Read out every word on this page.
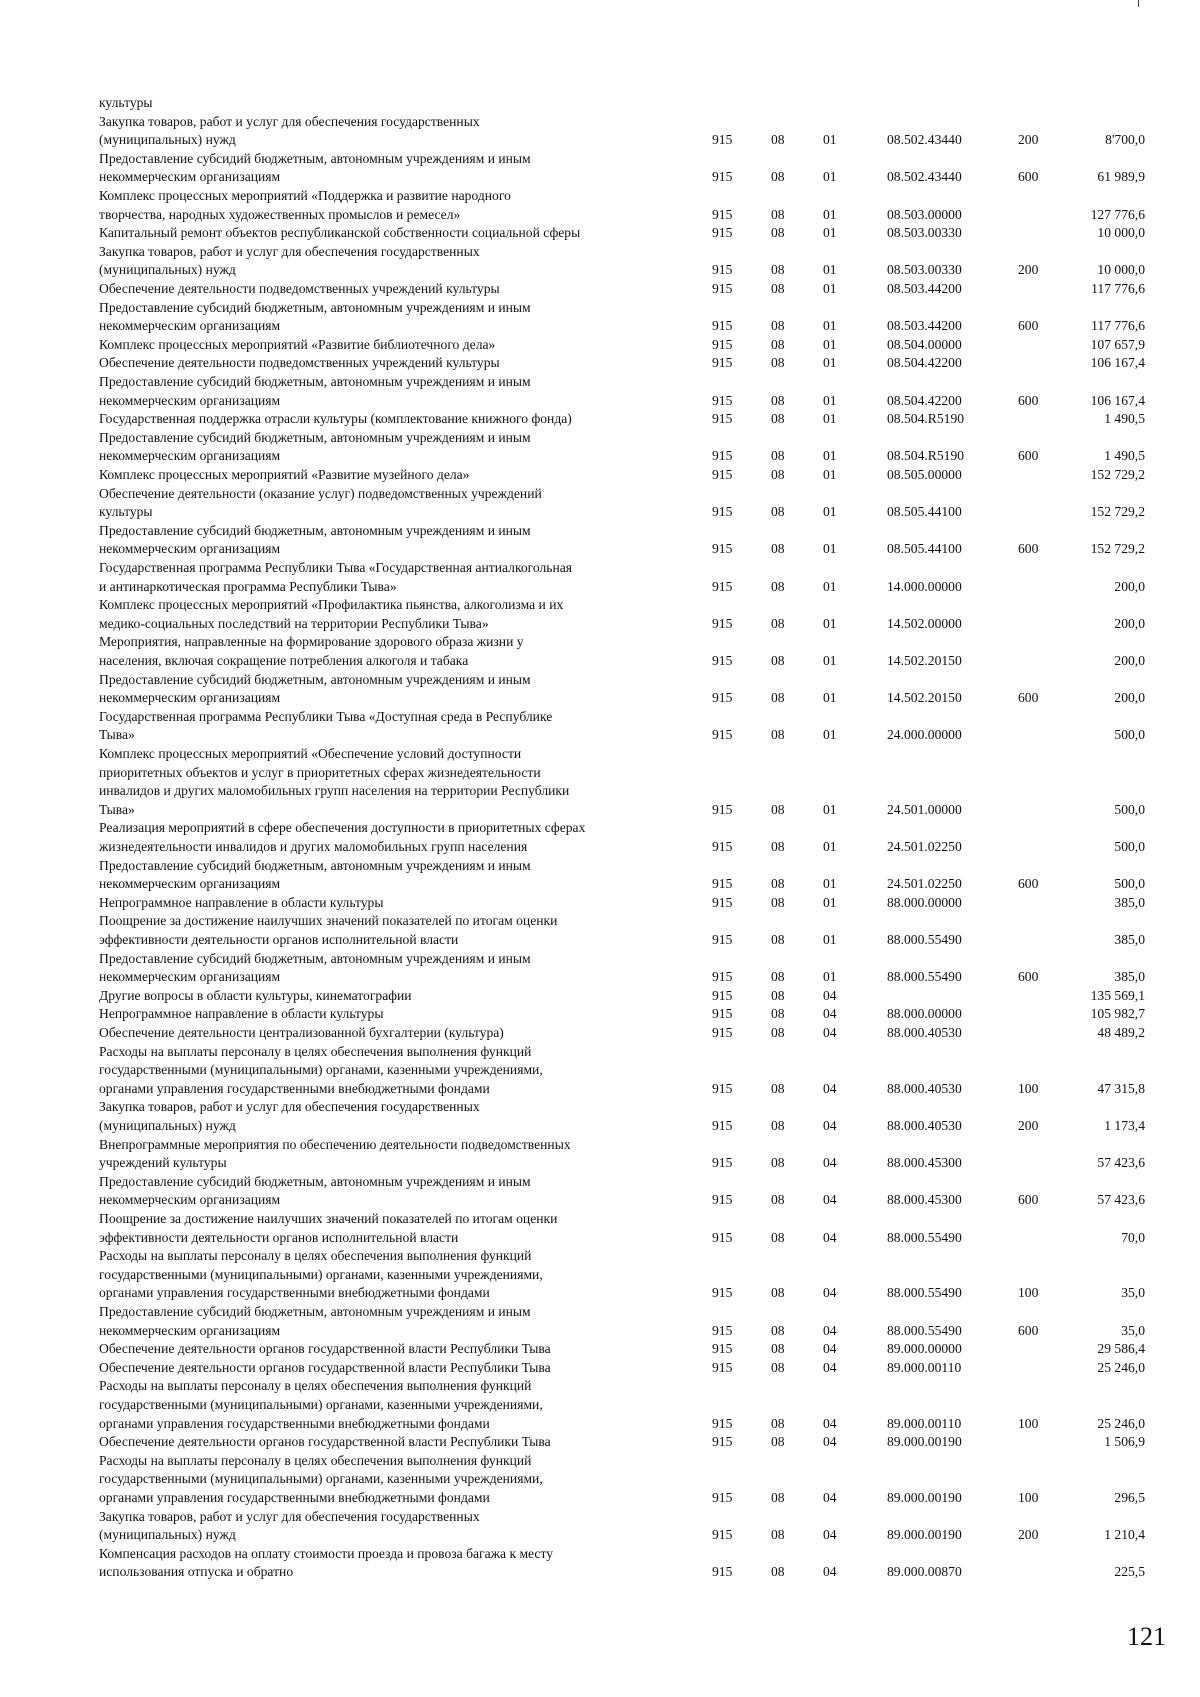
культуры
Закупка товаров, работ и услуг для обеспечения государственных
(муниципальных) нужд	915	08	01	08.502.43440	200	8'700,0
Предоставление субсидий бюджетным, автономным учреждениям и иным
некоммерческим организациям	915	08	01	08.502.43440	600	61 989,9
Комплекс процессных мероприятий «Поддержка и развитие народного
творчества, народных художественных промыслов и ремесел»	915	08	01	08.503.00000	127 776,6
Капитальный ремонт объектов республиканской собственности социальной сферы	915	08	01	08.503.00330	10 000,0
Закупка товаров, работ и услуг для обеспечения государственных
(муниципальных) нужд	915	08	01	08.503.00330	200	10 000,0
Обеспечение деятельности подведомственных учреждений культуры	915	08	01	08.503.44200	117 776,6
Предоставление субсидий бюджетным, автономным учреждениям и иным
некоммерческим организациям	915	08	01	08.503.44200	600	117 776,6
Комплекс процессных мероприятий «Развитие библиотечного дела»	915	08	01	08.504.00000	107 657,9
Обеспечение деятельности подведомственных учреждений культуры	915	08	01	08.504.42200	106 167,4
Предоставление субсидий бюджетным, автономным учреждениям и иным
некоммерческим организациям	915	08	01	08.504.42200	600	106 167,4
Государственная поддержка отрасли культуры (комплектование книжного фонда)	915	08	01	08.504.R5190	1 490,5
Предоставление субсидий бюджетным, автономным учреждениям и иным
некоммерческим организациям	915	08	01	08.504.R5190	600	1 490,5
Комплекс процессных мероприятий «Развитие музейного дела»	915	08	01	08.505.00000	152 729,2
Обеспечение деятельности (оказание услуг) подведомственных учреждений
культуры	915	08	01	08.505.44100	152 729,2
Предоставление субсидий бюджетным, автономным учреждениям и иным
некоммерческим организациям	915	08	01	08.505.44100	600	152 729,2
Государственная программа Республики Тыва «Государственная антиалкогольная
и антинаркотическая программа Республики Тыва»	915	08	01	14.000.00000	200,0
Комплекс процессных мероприятий «Профилактика пьянства, алкоголизма и их
медико-социальных последствий на территории Республики Тыва»	915	08	01	14.502.00000	200,0
Мероприятия, направленные на формирование здорового образа жизни у
населения, включая сокращение потребления алкоголя и табака	915	08	01	14.502.20150	200,0
Предоставление субсидий бюджетным, автономным учреждениям и иным
некоммерческим организациям	915	08	01	14.502.20150	600	200,0
Государственная программа Республики Тыва «Доступная среда в Республике
Тыва»	915	08	01	24.000.00000	500,0
Комплекс процессных мероприятий «Обеспечение условий доступности
приоритетных объектов и услуг в приоритетных сферах жизнедеятельности
инвалидов и других маломобильных групп населения на территории Республики
Тыва»	915	08	01	24.501.00000	500,0
Реализация мероприятий в сфере обеспечения доступности в приоритетных сферах
жизнедеятельности инвалидов и других маломобильных групп населения	915	08	01	24.501.02250	500,0
Предоставление субсидий бюджетным, автономным учреждениям и иным
некоммерческим организациям	915	08	01	24.501.02250	600	500,0
Непрограммное направление в области культуры	915	08	01	88.000.00000	385,0
Поощрение за достижение наилучших значений показателей по итогам оценки
эффективности деятельности органов исполнительной власти	915	08	01	88.000.55490	385,0
Предоставление субсидий бюджетным, автономным учреждениям и иным
некоммерческим организациям	915	08	01	88.000.55490	600	385,0
Другие вопросы в области культуры, кинематографии	915	08	04	135 569,1
Непрограммное направление в области культуры	915	08	04	88.000.00000	105 982,7
Обеспечение деятельности централизованной бухгалтерии (культура)	915	08	04	88.000.40530	48 489,2
Расходы на выплаты персоналу в целях обеспечения выполнения функций
государственными (муниципальными) органами, казенными учреждениями,
органами управления государственными внебюджетными фондами	915	08	04	88.000.40530	100	47 315,8
Закупка товаров, работ и услуг для обеспечения государственных
(муниципальных) нужд	915	08	04	88.000.40530	200	1 173,4
Внепрограммные мероприятия по обеспечению деятельности подведомственных
учреждений культуры	915	08	04	88.000.45300	57 423,6
Предоставление субсидий бюджетным, автономным учреждениям и иным
некоммерческим организациям	915	08	04	88.000.45300	600	57 423,6
Поощрение за достижение наилучших значений показателей по итогам оценки
эффективности деятельности органов исполнительной власти	915	08	04	88.000.55490	70,0
Расходы на выплаты персоналу в целях обеспечения выполнения функций
государственными (муниципальными) органами, казенными учреждениями,
органами управления государственными внебюджетными фондами	915	08	04	88.000.55490	100	35,0
Предоставление субсидий бюджетным, автономным учреждениям и иным
некоммерческим организациям	915	08	04	88.000.55490	600	35,0
Обеспечение деятельности органов государственной власти Республики Тыва	915	08	04	89.000.00000	29 586,4
Обеспечение деятельности органов государственной власти Республики Тыва	915	08	04	89.000.00110	25 246,0
Расходы на выплаты персоналу в целях обеспечения выполнения функций
государственными (муниципальными) органами, казенными учреждениями,
органами управления государственными внебюджетными фондами	915	08	04	89.000.00110	100	25 246,0
Обеспечение деятельности органов государственной власти Республики Тыва	915	08	04	89.000.00190	1 506,9
Расходы на выплаты персоналу в целях обеспечения выполнения функций
государственными (муниципальными) органами, казенными учреждениями,
органами управления государственными внебюджетными фондами	915	08	04	89.000.00190	100	296,5
Закупка товаров, работ и услуг для обеспечения государственных
(муниципальных) нужд	915	08	04	89.000.00190	200	1 210,4
Компенсация расходов на оплату стоимости проезда и провоза багажа к месту
использования отпуска и обратно	915	08	04	89.000.00870	225,5
121
